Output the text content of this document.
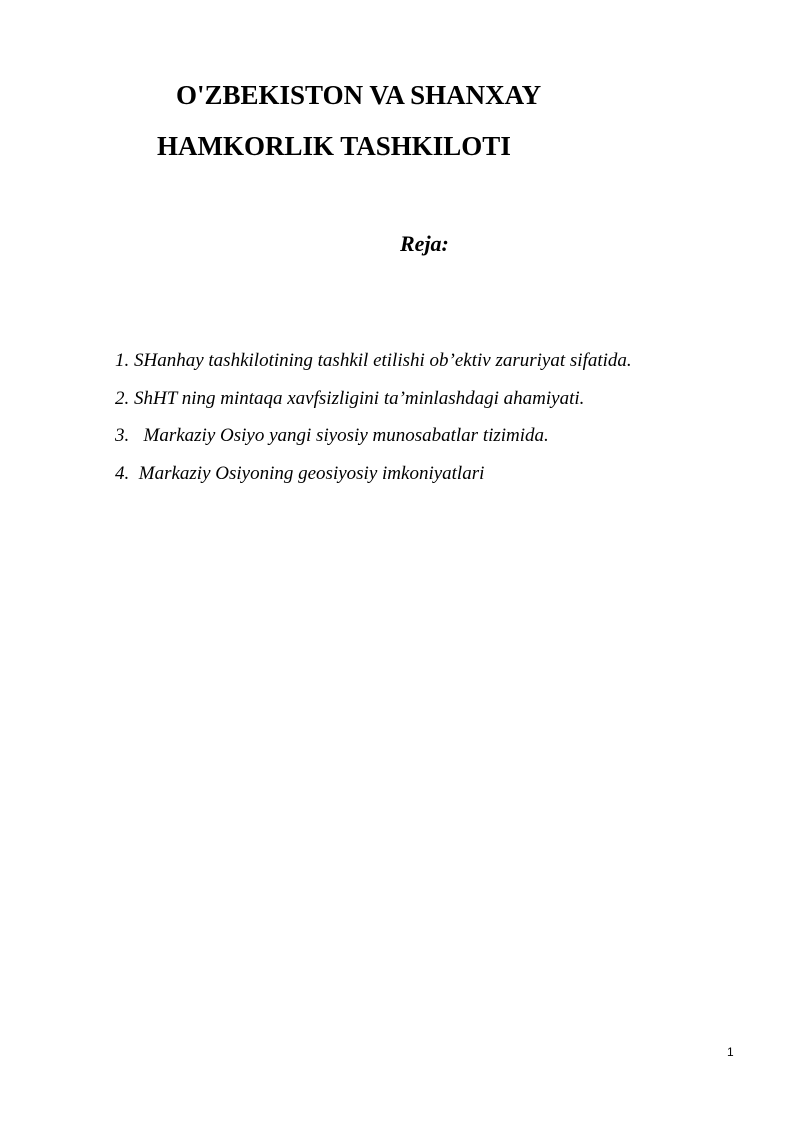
O'ZBEKISTON VA SHANXAY
HAMKORLIK TASHKILOTI
Reja:
1. SHanhay tashkilotining tashkil etilishi ob’ektiv zaruriyat sifatida.
2. ShHT ning mintaqa xavfsizligini ta’minlashdagi ahamiyati.
3.   Markaziy Osiyo yangi siyosiy munosabatlar tizimida.
4.  Markaziy Osiyoning geosiyosiy imkoniyatlari
1
